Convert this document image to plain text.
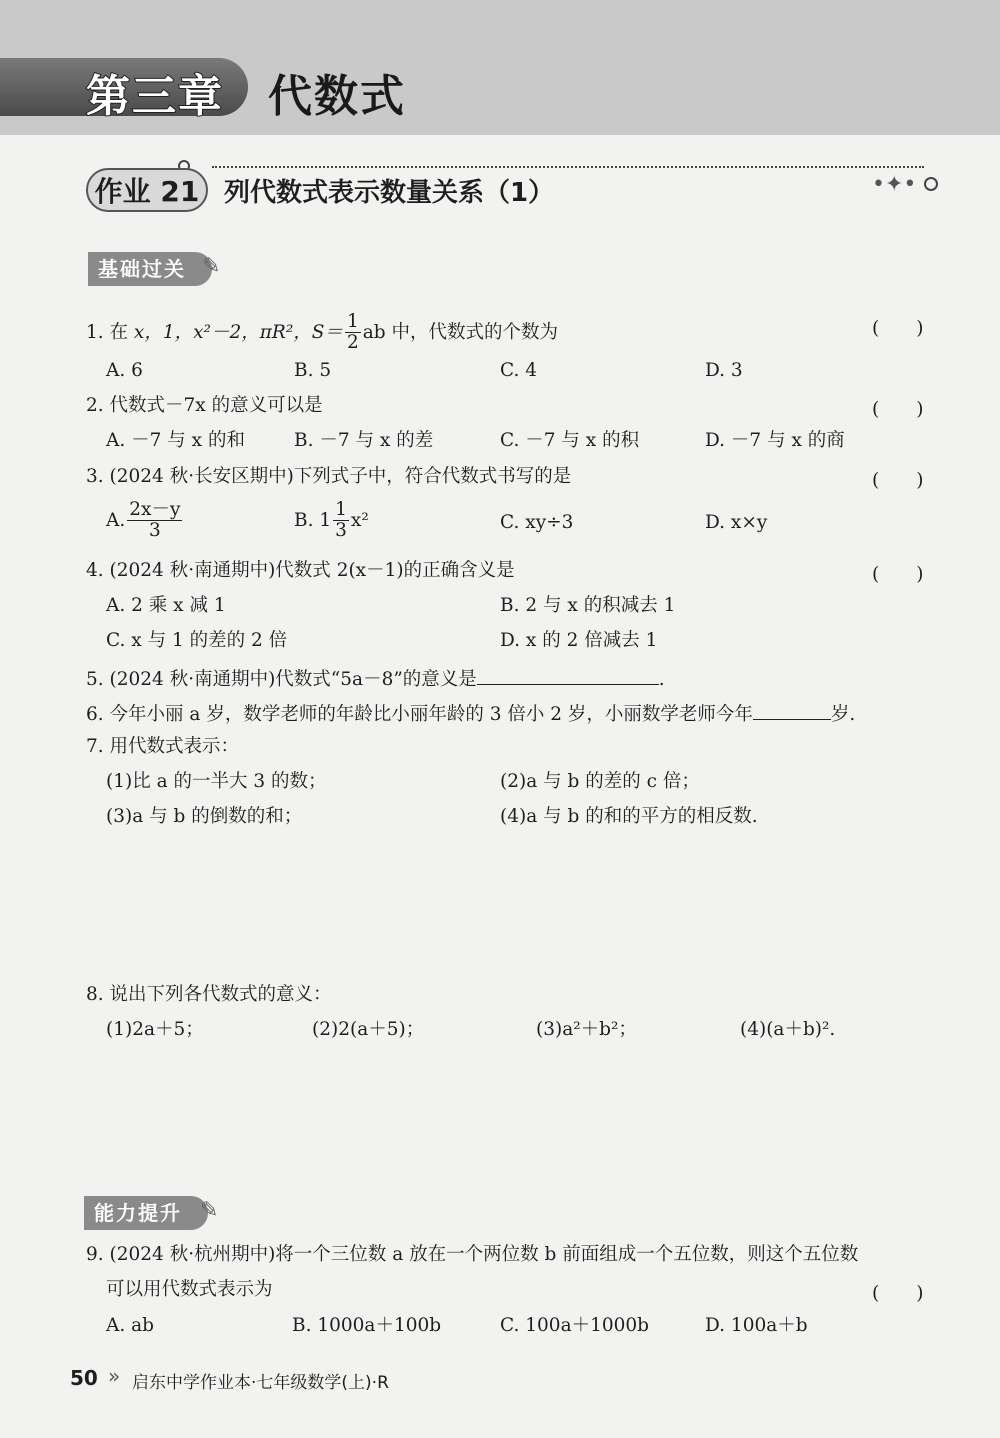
第三章 代数式
作业 21 列代数式表示数量关系（1）	•✦•
基础过关 ✎
1. 在 x，1，x²－2，πR²，$S= \frac{1}{2}$ ab 中，代数式的个数为	(　　)
A. 6	B. 5	C. 4	D. 3
2. 代数式－7x 的意义可以是	(　　)
A. －7 与 x 的和	B. －7 与 x 的差	C. －7 与 x 的积	D. －7 与 x 的商
3. (2024 秋·长安区期中)下列式子中，符合代数式书写的是	(　　)
A. $\frac{2x-y}{3}$	B. $1 \frac{1}{3} x^2$	C. xy÷3	D. x×y
4. (2024 秋·南通期中)代数式 2(x－1)的正确含义是	(　　)
A. 2 乘 x 减 1	B. 2 与 x 的积减去 1
C. x 与 1 的差的 2 倍	D. x 的 2 倍减去 1
5. (2024 秋·南通期中)代数式“5a－8”的意义是	.
6. 今年小丽 a 岁，数学老师的年龄比小丽年龄的 3 倍小 2 岁，小丽数学老师今年	岁.
7. 用代数式表示：
(1)比 a 的一半大 3 的数；	(2)a 与 b 的差的 c 倍；
(3)a 与 b 的倒数的和；	(4)a 与 b 的和的平方的相反数.
8. 说出下列各代数式的意义：
(1)2a＋5；	(2)2(a＋5)；	(3)a²＋b²；	(4)(a＋b)².
能力提升 ✎
9. (2024 秋·杭州期中)将一个三位数 a 放在一个两位数 b 前面组成一个五位数，则这个五位数
可以用代数式表示为	(　　)
A. ab	B. 1000a＋100b	C. 100a＋1000b	D. 100a＋b
50 » 启东中学作业本·七年级数学(上)·R
